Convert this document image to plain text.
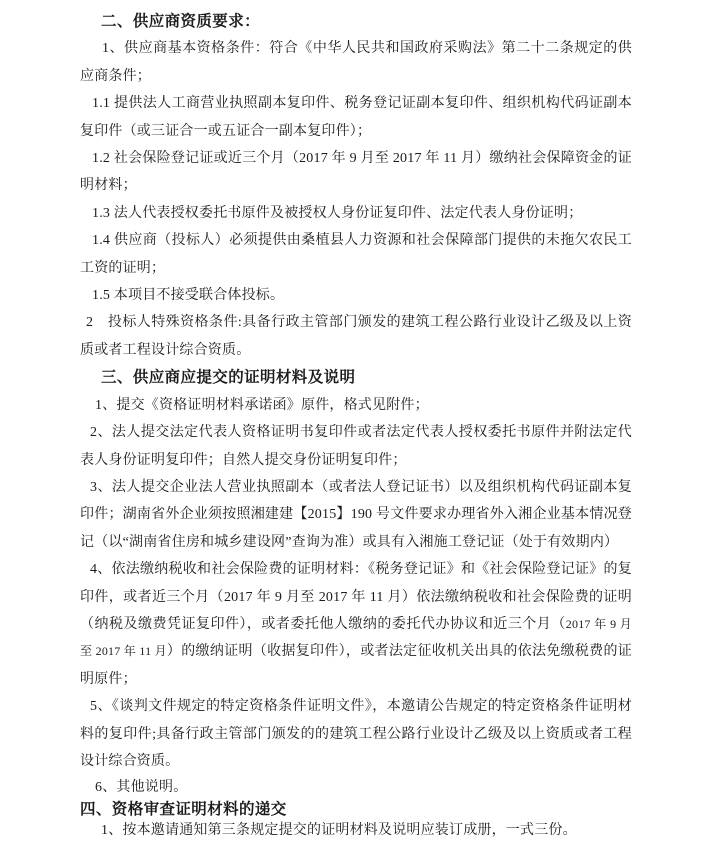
二、供应商资质要求：

1、供应商基本资格条件：符合《中华人民共和国政府采购法》第二十二条规定的供应商条件；

1.1 提供法人工商营业执照副本复印件、税务登记证副本复印件、组织机构代码证副本复印件（或三证合一或五证合一副本复印件）；

1.2 社会保险登记证或近三个月（2017 年 9 月至 2017 年 11 月）缴纳社会保障资金的证明材料；

1.3 法人代表授权委托书原件及被授权人身份证复印件、法定代表人身份证明；

1.4 供应商（投标人）必须提供由桑植县人力资源和社会保障部门提供的未拖欠农民工工资的证明；

1.5 本项目不接受联合体投标。

2　投标人特殊资格条件:具备行政主管部门颁发的建筑工程公路行业设计乙级及以上资质或者工程设计综合资质。

三、供应商应提交的证明材料及说明

1、提交《资格证明材料承诺函》原件，格式见附件；

2、法人提交法定代表人资格证明书复印件或者法定代表人授权委托书原件并附法定代表人身份证明复印件；自然人提交身份证明复印件；

3、法人提交企业法人营业执照副本（或者法人登记证书）以及组织机构代码证副本复印件；湖南省外企业须按照湘建建【2015】190 号文件要求办理省外入湘企业基本情况登记（以“湖南省住房和城乡建设网”查询为准）或具有入湘施工登记证（处于有效期内）

4、依法缴纳税收和社会保险费的证明材料：《税务登记证》和《社会保险登记证》的复印件，或者近三个月（2017 年 9 月至 2017 年 11 月）依法缴纳税收和社会保险费的证明（纳税及缴费凭证复印件），或者委托他人缴纳的委托代办协议和近三个月（2017 年 9 月至 2017 年 11 月）的缴纳证明（收据复印件），或者法定征收机关出具的依法免缴税费的证明原件；

5、《谈判文件规定的特定资格条件证明文件》，本邀请公告规定的特定资格条件证明材料的复印件;具备行政主管部门颁发的的建筑工程公路行业设计乙级及以上资质或者工程设计综合资质。

6、其他说明。

四、资格审查证明材料的递交

1、按本邀请通知第三条规定提交的证明材料及说明应装订成册，一式三份。
